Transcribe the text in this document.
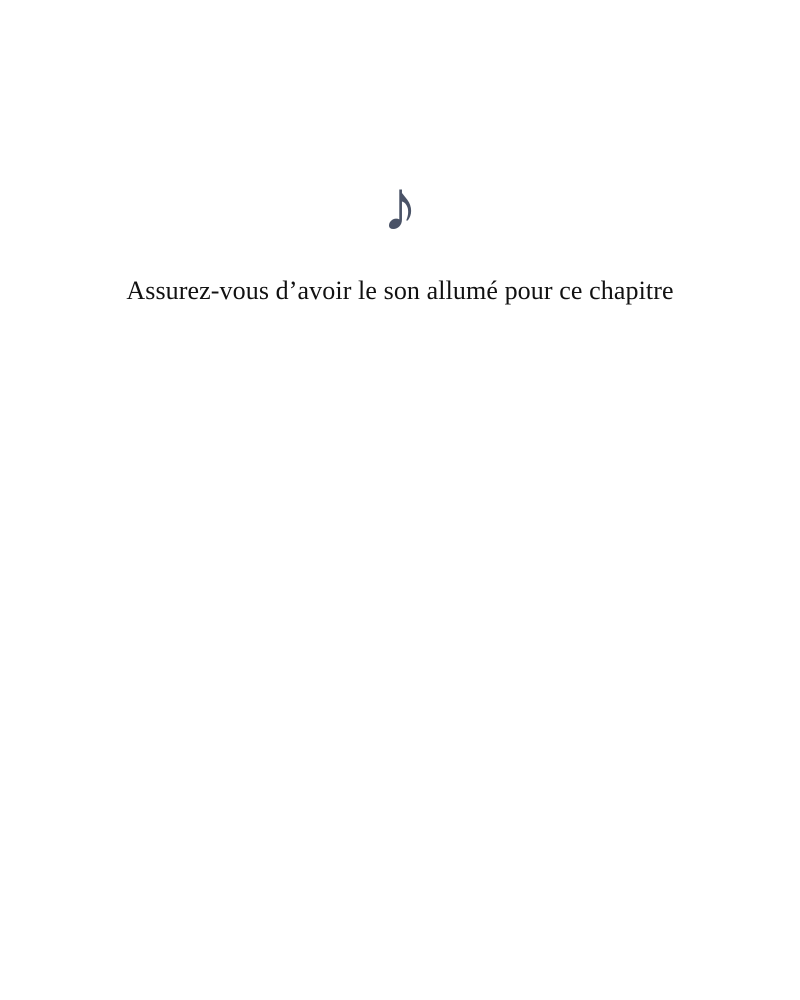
♪
Assurez-vous d’avoir le son allumé pour ce chapitre
